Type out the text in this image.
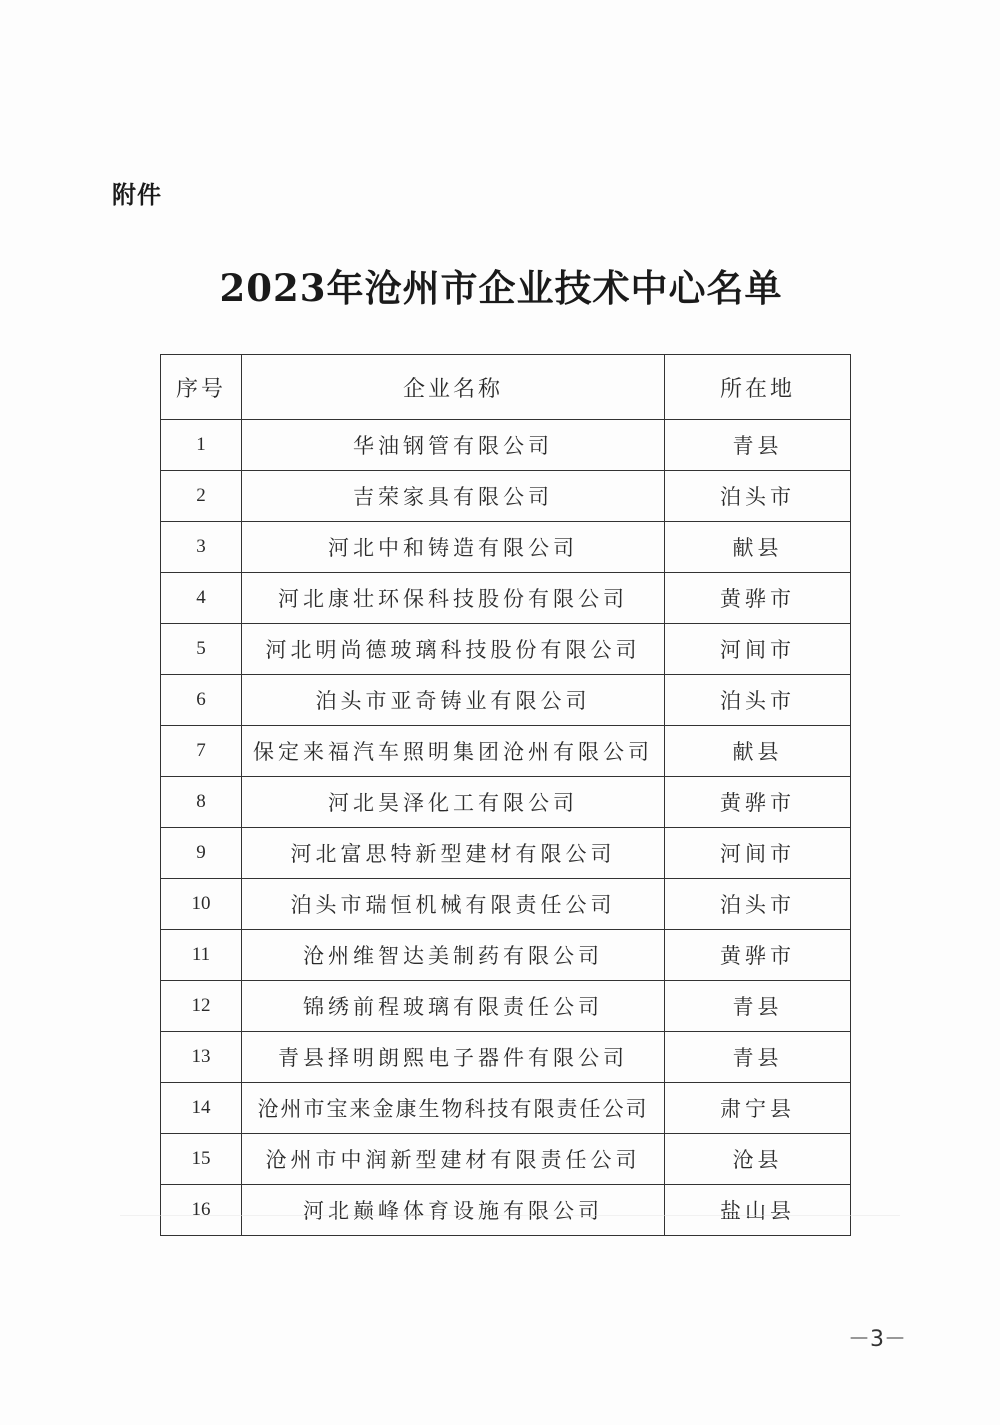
附件
2023年沧州市企业技术中心名单
序号	企业名称	所在地
1	华油钢管有限公司	青县
2	吉荣家具有限公司	泊头市
3	河北中和铸造有限公司	献县
4	河北康壮环保科技股份有限公司	黄骅市
5	河北明尚德玻璃科技股份有限公司	河间市
6	泊头市亚奇铸业有限公司	泊头市
7	保定来福汽车照明集团沧州有限公司	献县
8	河北昊泽化工有限公司	黄骅市
9	河北富思特新型建材有限公司	河间市
10	泊头市瑞恒机械有限责任公司	泊头市
11	沧州维智达美制药有限公司	黄骅市
12	锦绣前程玻璃有限责任公司	青县
13	青县择明朗熙电子器件有限公司	青县
14	沧州市宝来金康生物科技有限责任公司	肃宁县
15	沧州市中润新型建材有限责任公司	沧县
16	河北巅峰体育设施有限公司	盐山县
－3－
